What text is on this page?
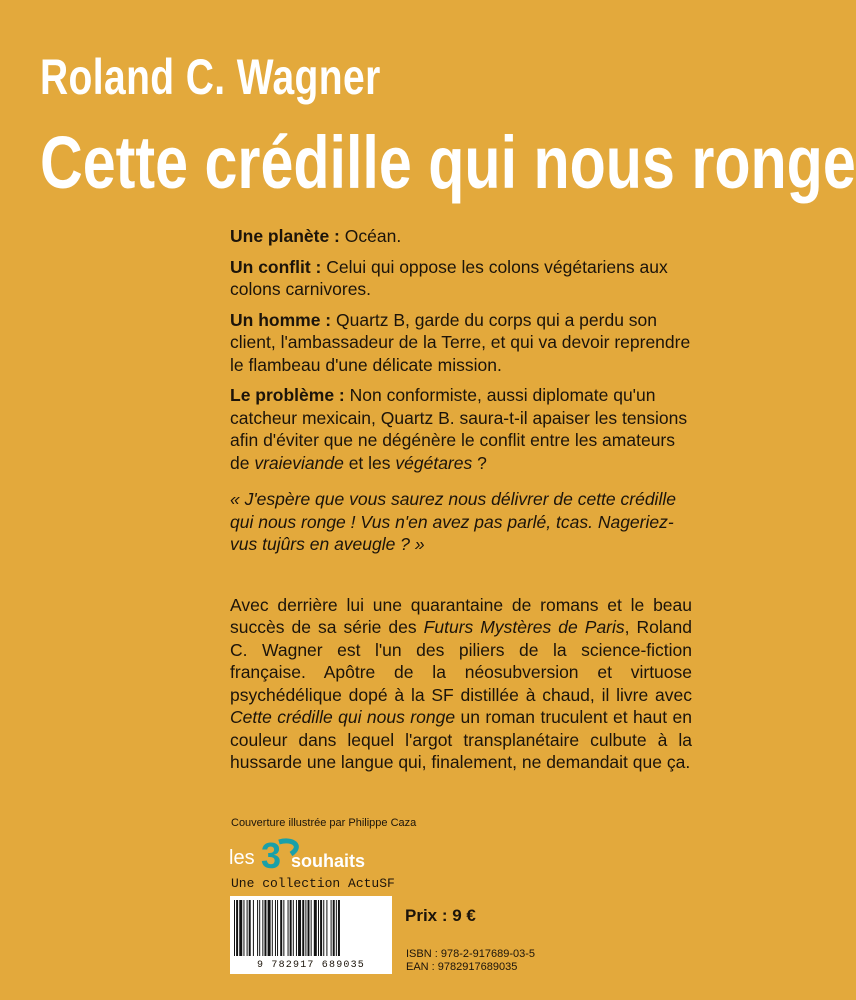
Roland C. Wagner
Cette crédille qui nous ronge

Une planète : Océan.

Un conflit : Celui qui oppose les colons végétariens aux colons carnivores.

Un homme : Quartz B, garde du corps qui a perdu son client, l'ambassadeur de la Terre, et qui va devoir reprendre le flambeau d'une délicate mission.

Le problème : Non conformiste, aussi diplomate qu'un catcheur mexicain, Quartz B. saura-t-il apaiser les tensions afin d'éviter que ne dégénère le conflit entre les amateurs de vraieviande et les végétares ?

« J'espère que vous saurez nous délivrer de cette crédille qui nous ronge ! Vus n'en avez pas parlé, tcas. Nageriez-vus tujûrs en aveugle ? »

Avec derrière lui une quarantaine de romans et le beau succès de sa série des Futurs Mystères de Paris, Roland C. Wagner est l'un des piliers de la science-fiction française. Apôtre de la néosubversion et virtuose psychédélique dopé à la SF distillée à chaud, il livre avec Cette crédille qui nous ronge un roman truculent et haut en couleur dans lequel l'argot transplanétaire culbute à la hussarde une langue qui, finalement, ne demandait que ça.

Couverture illustrée par Philippe Caza
les 3 souhaits
Une collection ActuSF
9 782917 689035
Prix : 9 €
ISBN : 978-2-917689-03-5
EAN : 9782917689035
